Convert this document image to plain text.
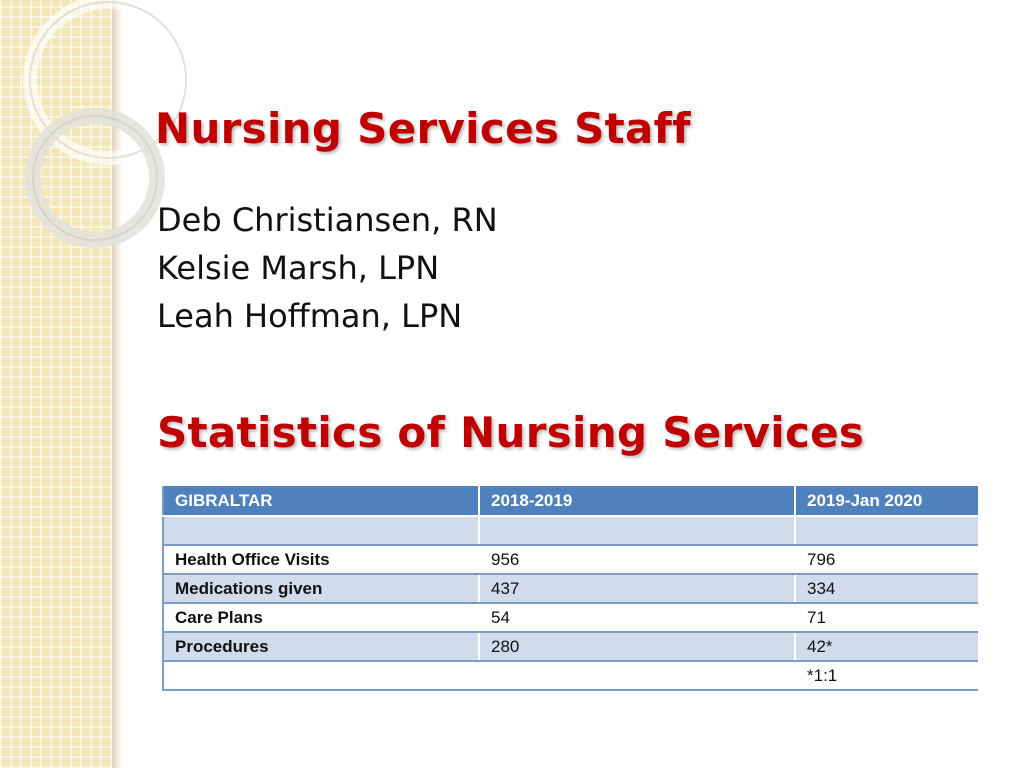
Nursing Services Staff
Deb Christiansen, RN
Kelsie Marsh, LPN
Leah Hoffman, LPN
Statistics of Nursing Services
GIBRALTAR	2018-2019	2019-Jan 2020

Health Office Visits	956	796
Medications given	437	334
Care Plans	54	71
Procedures	280	42*
		*1:1
